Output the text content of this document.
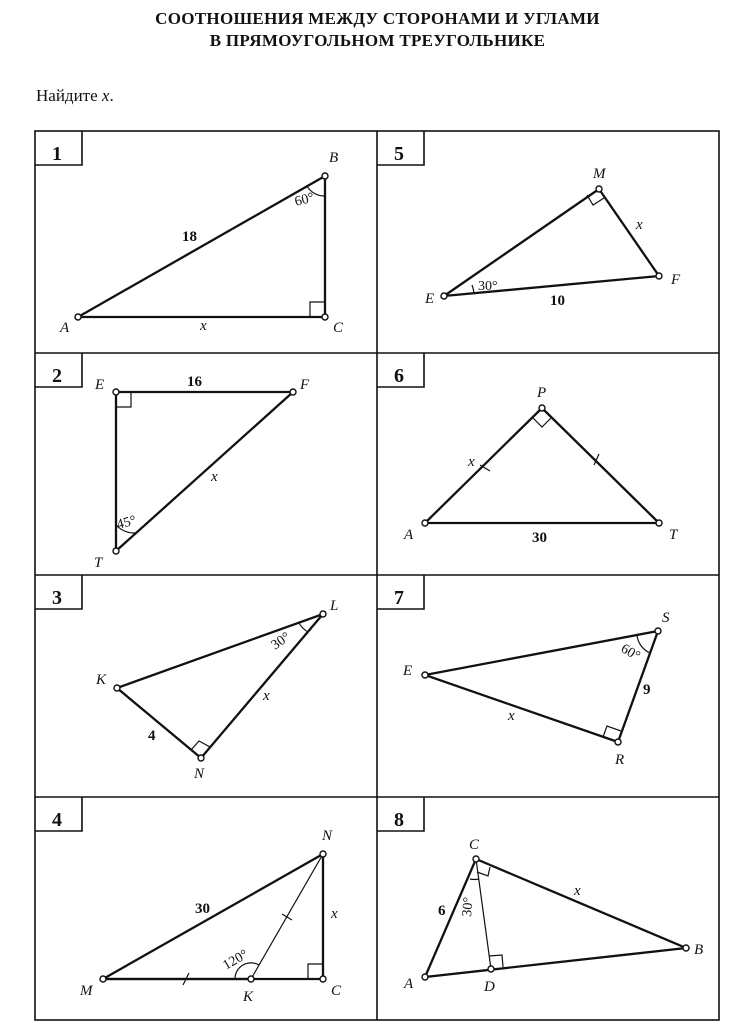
СООТНОШЕНИЯ МЕЖДУ СТОРОНАМИ И УГЛАМИ
В ПРЯМОУГОЛЬНОМ ТРЕУГОЛЬНИКЕ
Найдите x.
1
2
3
4
5
6
7
8
A
B
C
18
x
60°
E	F
T
16
x
45°
K
L
N
4
x
30°
M
N
K	C
30	x
120°
M
E
F
10
x
30°
P
A	T
30
x
S
E
R
9
x
60°
C
A	D
B
6
x
30°
